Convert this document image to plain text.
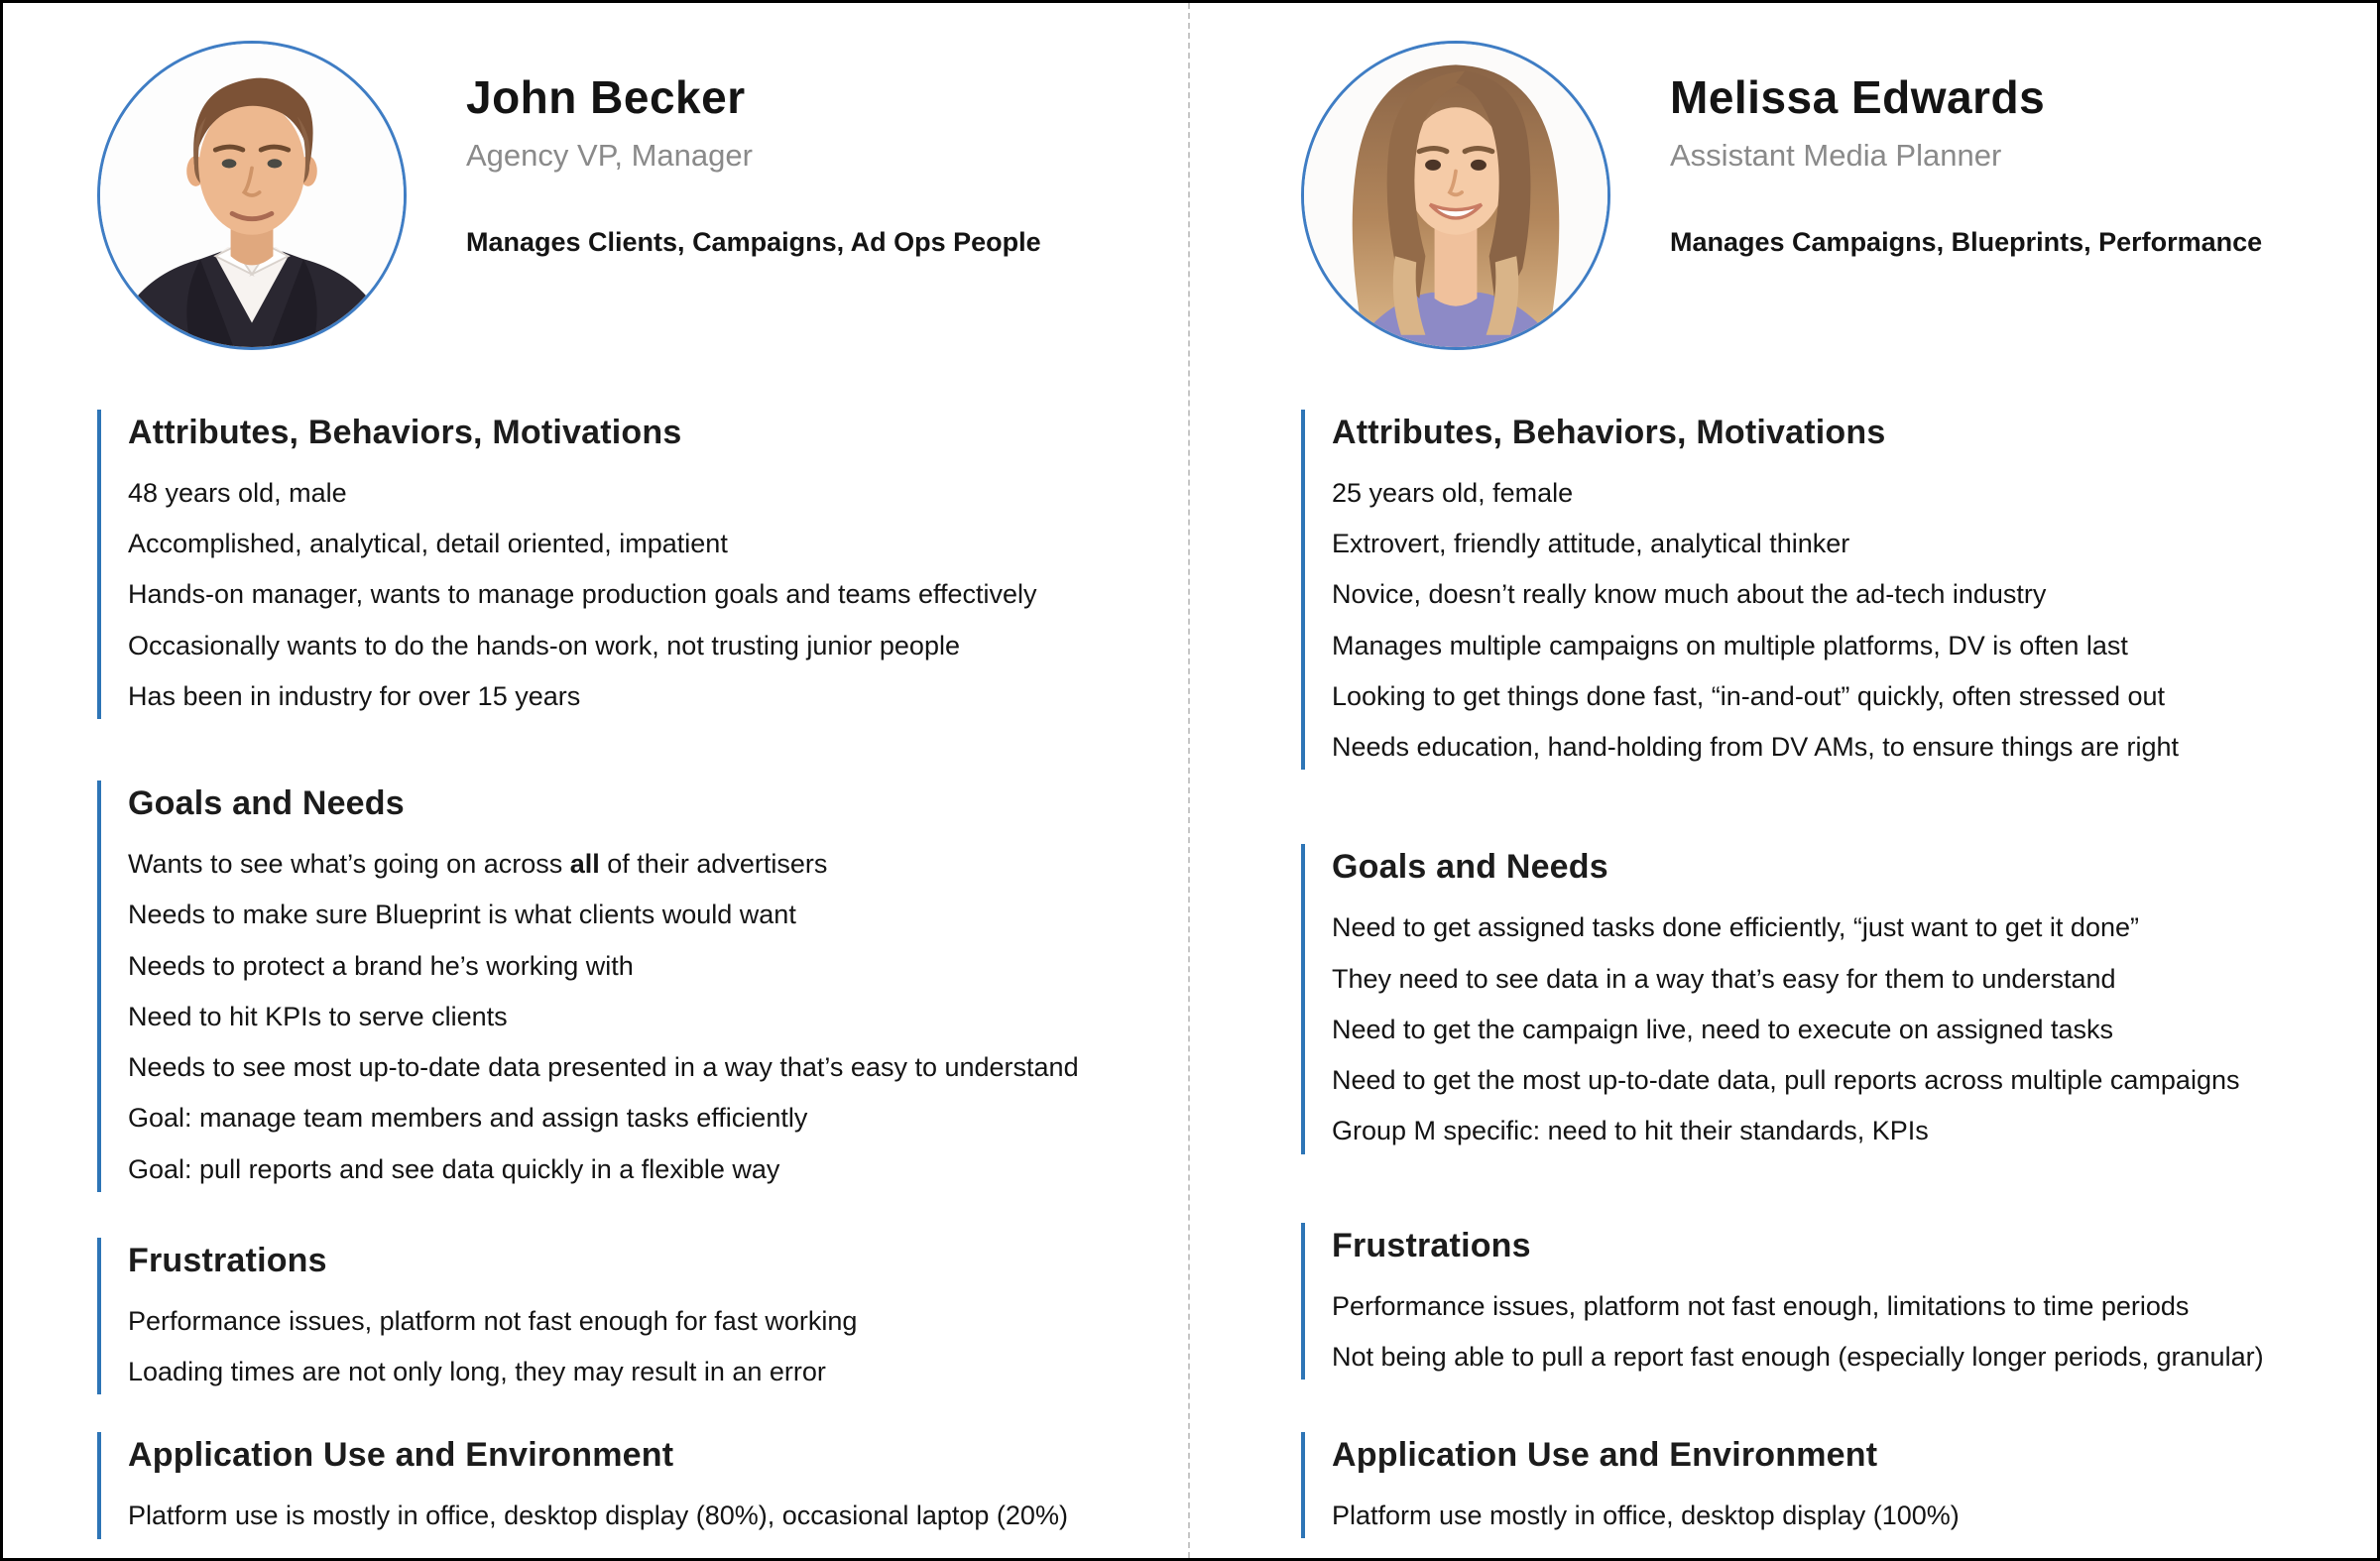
John Becker
Agency VP, Manager
Manages Clients, Campaigns, Ad Ops People
Attributes, Behaviors, Motivations

48 years old, male

Accomplished, analytical, detail oriented, impatient

Hands-on manager, wants to manage production goals and teams effectively

Occasionally wants to do the hands-on work, not trusting junior people

Has been in industry for over 15 years

Goals and Needs

Wants to see what’s going on across all of their advertisers

Needs to make sure Blueprint is what clients would want

Needs to protect a brand he’s working with

Need to hit KPIs to serve clients

Needs to see most up-to-date data presented in a way that’s easy to understand

Goal: manage team members and assign tasks efficiently

Goal: pull reports and see data quickly in a flexible way

Frustrations

Performance issues, platform not fast enough for fast working

Loading times are not only long, they may result in an error

Application Use and Environment

Platform use is mostly in office, desktop display (80%), occasional laptop (20%)

Melissa Edwards
Assistant Media Planner
Manages Campaigns, Blueprints, Performance
Attributes, Behaviors, Motivations

25 years old, female

Extrovert, friendly attitude, analytical thinker

Novice, doesn’t really know much about the ad-tech industry

Manages multiple campaigns on multiple platforms, DV is often last

Looking to get things done fast, “in-and-out” quickly, often stressed out

Needs education, hand-holding from DV AMs, to ensure things are right

Goals and Needs

Need to get assigned tasks done efficiently, “just want to get it done”

They need to see data in a way that’s easy for them to understand

Need to get the campaign live, need to execute on assigned tasks

Need to get the most up-to-date data, pull reports across multiple campaigns

Group M specific: need to hit their standards, KPIs

Frustrations

Performance issues, platform not fast enough, limitations to time periods

Not being able to pull a report fast enough (especially longer periods, granular)

Application Use and Environment

Platform use mostly in office, desktop display (100%)
